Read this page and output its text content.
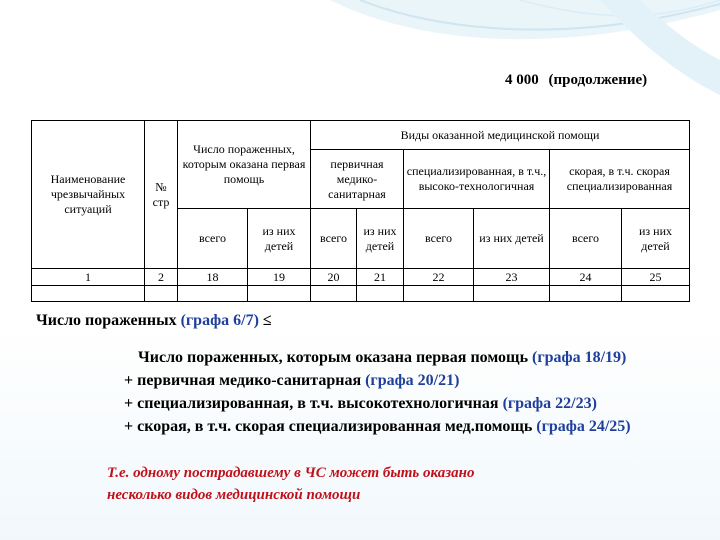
4 000 (продолжение)
Наименование чрезвычайных ситуаций	№ стр	Число пораженных, которым оказана первая помощь		Виды оказанной медицинской помощи					
				первичная медико-санитарная		специализированная, в т.ч., высоко-технологичная		скорая, в т.ч. скорая специализированная	
		всего	из них детей	всего	из них детей	всего	из них детей	всего	из них детей
1	2	18	19	20	21	22	23	24	25

Число пораженных (графа 6/7) ≤
Число пораженных, которым оказана первая помощь (графа 18/19)
+ первичная медико-санитарная (графа 20/21)
+ специализированная, в т.ч. высокотехнологичная (графа 22/23)
+ скорая, в т.ч. скорая специализированная мед.помощь (графа 24/25)
Т.е. одному пострадавшему в ЧС может быть оказано
несколько видов медицинской помощи
